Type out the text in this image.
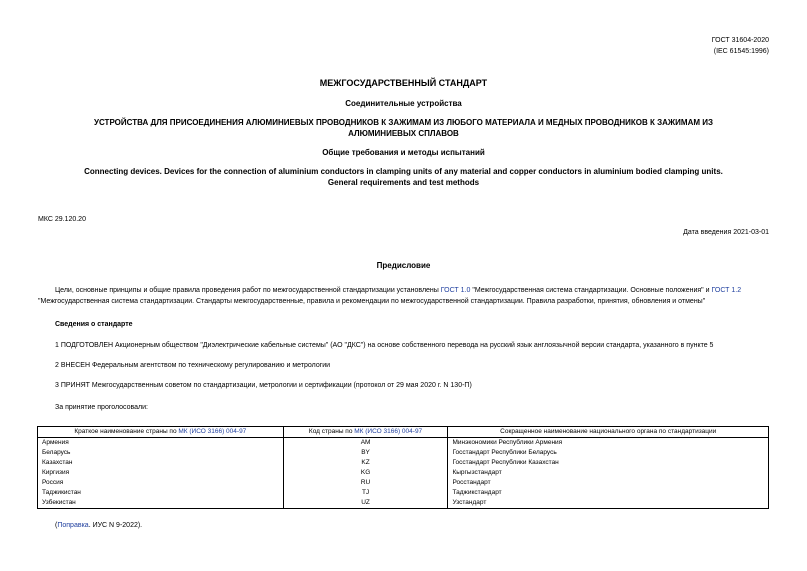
ГОСТ 31604-2020
(IEC 61545:1996)
МЕЖГОСУДАРСТВЕННЫЙ СТАНДАРТ
Соединительные устройства
УСТРОЙСТВА ДЛЯ ПРИСОЕДИНЕНИЯ АЛЮМИНИЕВЫХ ПРОВОДНИКОВ К ЗАЖИМАМ ИЗ ЛЮБОГО МАТЕРИАЛА И МЕДНЫХ ПРОВОДНИКОВ К ЗАЖИМАМ ИЗ
АЛЮМИНИЕВЫХ СПЛАВОВ
Общие требования и методы испытаний
Connecting devices. Devices for the connection of aluminium conductors in clamping units of any material and copper conductors in aluminium bodied clamping units.
General requirements and test methods
МКС 29.120.20
Дата введения 2021-03-01
Предисловие
Цели, основные принципы и общие правила проведения работ по межгосударственной стандартизации установлены ГОСТ 1.0 "Межгосударственная система стандартизации. Основные положения" и ГОСТ 1.2
"Межгосударственная система стандартизации. Стандарты межгосударственные, правила и рекомендации по межгосударственной стандартизации. Правила разработки, принятия, обновления и отмены"
Сведения о стандарте
1 ПОДГОТОВЛЕН Акционерным обществом "Диэлектрические кабельные системы" (АО "ДКС") на основе собственного перевода на русский язык англоязычной версии стандарта, указанного в пункте 5
2 ВНЕСЕН Федеральным агентством по техническому регулированию и метрологии
3 ПРИНЯТ Межгосударственным советом по стандартизации, метрологии и сертификации (протокол от 29 мая 2020 г. N 130-П)
За принятие проголосовали:
Краткое наименование страны по МК (ИСО 3166) 004-97	Код страны по МК (ИСО 3166) 004-97	Сокращенное наименование национального органа по стандартизации
Армения	AM	Минэкономики Республики Армения
Беларусь	BY	Госстандарт Республики Беларусь
Казахстан	KZ	Госстандарт Республики Казахстан
Киргизия	KG	Кыргызстандарт
Россия	RU	Росстандарт
Таджикистан	TJ	Таджикстандарт
Узбекистан	UZ	Узстандарт
(Поправка. ИУС N 9-2022).
